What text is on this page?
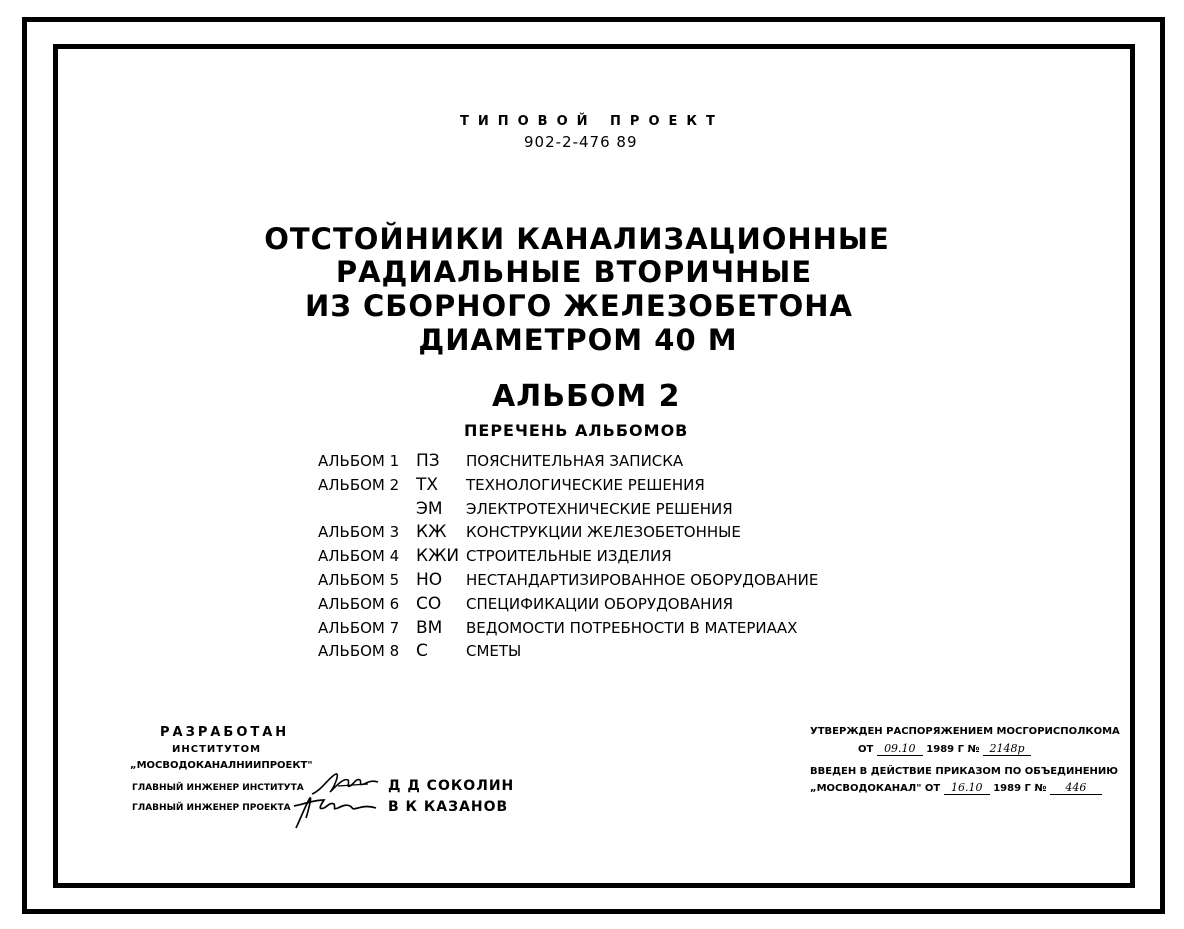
ТИПОВОЙ ПРОЕКТ
902-2-476 89
ОТСТОЙНИКИ КАНАЛИЗАЦИОННЫЕ
РАДИАЛЬНЫЕ ВТОРИЧНЫЕ
ИЗ СБОРНОГО ЖЕЛЕЗОБЕТОНА
ДИАМЕТРОМ 40 М
АЛЬБОМ 2
ПЕРЕЧЕНЬ АЛЬБОМОВ
АЛЬБОМ 1 ПЗ ПОЯСНИТЕЛЬНАЯ ЗАПИСКА
АЛЬБОМ 2 ТХ ТЕХНОЛОГИЧЕСКИЕ РЕШЕНИЯ
ЭМ ЭЛЕКТРОТЕХНИЧЕСКИЕ РЕШЕНИЯ
АЛЬБОМ 3 КЖ КОНСТРУКЦИИ ЖЕЛЕЗОБЕТОННЫЕ
АЛЬБОМ 4 КЖИ СТРОИТЕЛЬНЫЕ ИЗДЕЛИЯ
АЛЬБОМ 5 НО НЕСТАНДАРТИЗИРОВАННОЕ ОБОРУДОВАНИЕ
АЛЬБОМ 6 СО СПЕЦИФИКАЦИИ ОБОРУДОВАНИЯ
АЛЬБОМ 7 ВМ ВЕДОМОСТИ ПОТРЕБНОСТИ В МАТЕРИААХ
АЛЬБОМ 8 С	СМЕТЫ
РАЗРАБОТАН
ИНСТИТУТОМ
„МОСВОДОКАНАЛНИИПРОЕКТ"
ГЛАВНЫЙ ИНЖЕНЕР ИНСТИТУТА
ГЛАВНЫЙ ИНЖЕНЕР ПРОЕКТА
Д Д СОКОЛИН
В К КАЗАНОВ
УТВЕРЖДЕН РАСПОРЯЖЕНИЕМ МОСГОРИСПОЛКОМА
ОТ 09.10 1989 Г № 2148р
ВВЕДЕН В ДЕЙСТВИЕ ПРИКАЗОМ ПО ОБЪЕДИНЕНИЮ
„МОСВОДОКАНАЛ" ОТ 16.10 1989 Г № 446
